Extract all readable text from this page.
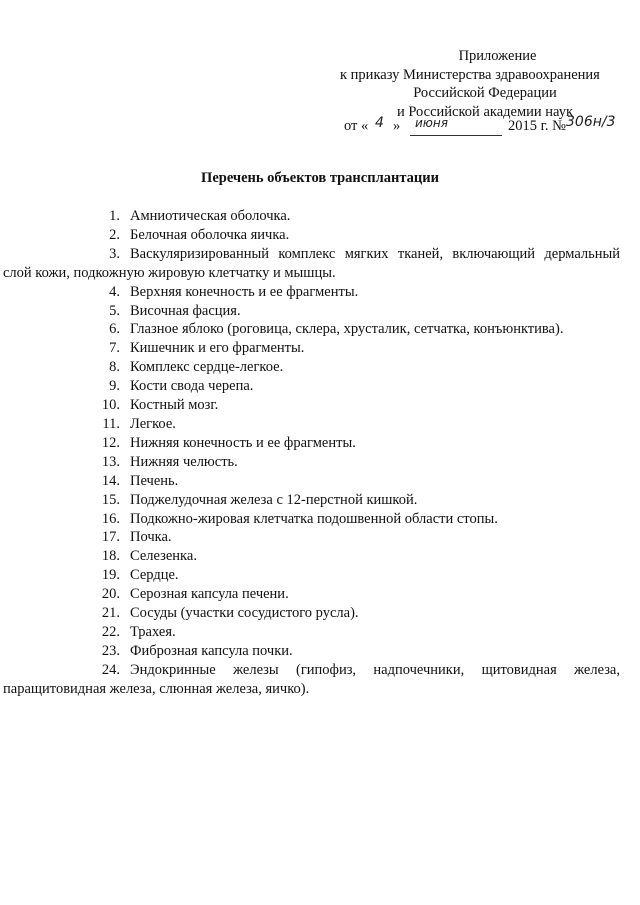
Приложение
к приказу Министерства здравоохранения
Российской Федерации
и Российской академии наук
от « 4 » июня	2015 г. № 306н/3
Перечень объектов трансплантации
1. Амниотическая оболочка.
2. Белочная оболочка яичка.
3. Васкуляризированный комплекс мягких тканей, включающий дермальный
слой кожи, подкожную жировую клетчатку и мышцы.
4. Верхняя конечность и ее фрагменты.
5. Височная фасция.
6. Глазное яблоко (роговица, склера, хрусталик, сетчатка, конъюнктива).
7. Кишечник и его фрагменты.
8. Комплекс сердце-легкое.
9. Кости свода черепа.
10. Костный мозг.
11. Легкое.
12. Нижняя конечность и ее фрагменты.
13. Нижняя челюсть.
14. Печень.
15. Поджелудочная железа с 12-перстной кишкой.
16. Подкожно-жировая клетчатка подошвенной области стопы.
17. Почка.
18. Селезенка.
19. Сердце.
20. Серозная капсула печени.
21. Сосуды (участки сосудистого русла).
22. Трахея.
23. Фиброзная капсула почки.
24. Эндокринные железы (гипофиз, надпочечники, щитовидная железа,
паращитовидная железа, слюнная железа, яичко).
